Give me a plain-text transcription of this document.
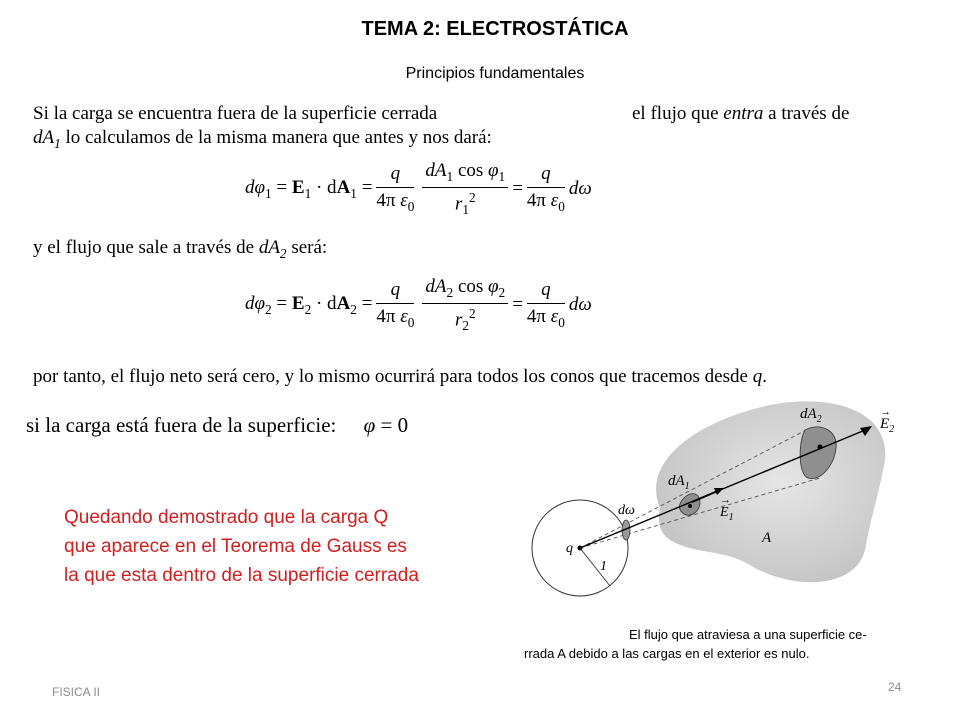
TEMA 2: ELECTROSTÁTICA
Principios fundamentales
Si la carga se encuentra fuera de la superficie cerrada	el flujo que entra a través de
$dA_1$ lo calculamos de la misma manera que antes y nos dará:
$d\varphi_1 = E_1 \cdot dA_1 = \frac{q}{4\pi \varepsilon_0} \frac{dA_1 \cos \varphi_1}{r_1^2} = \frac{q}{4\pi \varepsilon_0}$ dω
y el flujo que sale a través de $dA_2$ será:
$d\varphi_2 = E_2 \cdot dA_2 = \frac{q}{4\pi \varepsilon_0} \frac{dA_2 \cos \varphi_2}{r_2^2} = \frac{q}{4\pi \varepsilon_0}$ dω
por tanto, el flujo neto será cero, y lo mismo ocurrirá para todos los conos que tracemos desde q.
si la carga está fuera de la superficie: φ = 0
Quedando demostrado que la carga Q que aparece en el Teorema de Gauss es la que esta dentro de la superficie cerrada
$dA_2$	$E_2$
→
$dA_1$
dω	$E_1$
→
A
q
1
El flujo que atraviesa a una superficie ce-
rrada A debido a las cargas en el exterior es nulo.
FISICA II	24
